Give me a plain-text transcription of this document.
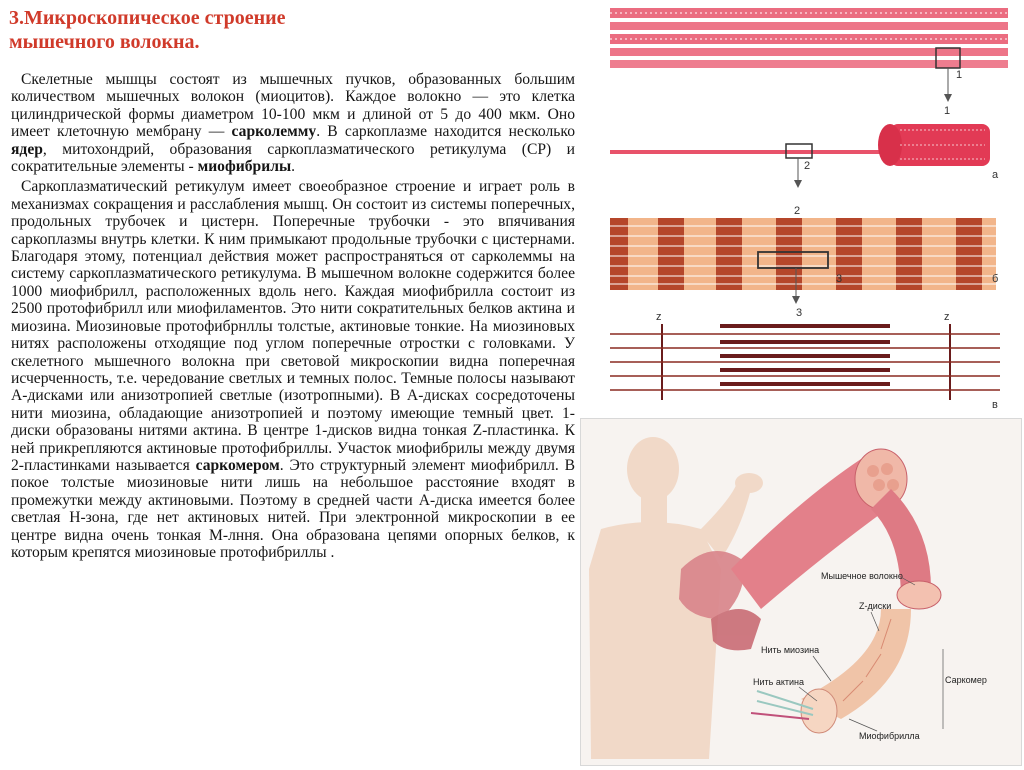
3.Микроскопическое строение
мышечного волокна.

Скелетные мышцы состоят из мышечных пучков, образованных большим количеством мышечных волокон (миоцитов). Каждое волокно — это клетка цилиндрической формы диаметром 10-100 мкм и длиной от 5 до 400 мкм. Оно имеет клеточную мембрану — сарколемму. В саркоплазме находится несколько ядер, митохондрий, образования саркоплазматического ретикулума (СР) и сократительные элементы - миофибрилы.

Саркоплазматический ретикулум имеет своеобразное строение и играет роль в механизмах сокращения и расслабления мышц. Он состоит из системы поперечных, продольных трубочек и цистерн. Поперечные трубочки - это впячивания саркоплазмы внутрь клетки. К ним примыкают продольные трубочки с цистернами. Благодаря этому, потенциал действия может распространяться от сарколеммы на систему саркоплазматического ретикулума. В мышечном волокне содержится более 1000 миофибрилл, расположенных вдоль него. Каждая миофибрилла состоит из 2500 протофибрилл или миофиламентов. Это нити сократительных белков актина и миозина. Миозиновые протофибрнллы толстые, актиновые тонкие. На миозиновых нитях расположены отходящие под углом поперечные отростки с головками. У скелетного мышечного волокна при световой микроскопии видна поперечная исчерченность, т.е. чередование светлых и темных полос. Темные полосы называют А-дисками или анизотропией светлые (изотропными). В А-дисках сосредоточены нити миозина, обладающие анизотропией и поэтому имеющие темный цвет. 1-диски образованы нитями актина. В центре 1-дисков видна тонкая Z-пластинка. К ней прикрепляются актиновые протофибриллы. Участок миофибрилы между двумя 2-пластинками называется саркомером. Это структурный элемент миофибрилл. В покое толстые миозиновые нити лишь на небольшое расстояние входят в промежутки между актиновыми. Поэтому в средней части А-диска имеется более светлая Н-зона, где нет актиновых нитей. При электронной микроскопии в ее центре видна очень тонкая М-лння. Она образована цепями опорных белков, к которым крепятся миозиновые протофибриллы .

1
1
2
а
2
3	б
z	z
3
в
Мышечное волокно
Z-диски
Нить миозина
Нить актина	Саркомер
Миофибрилла
